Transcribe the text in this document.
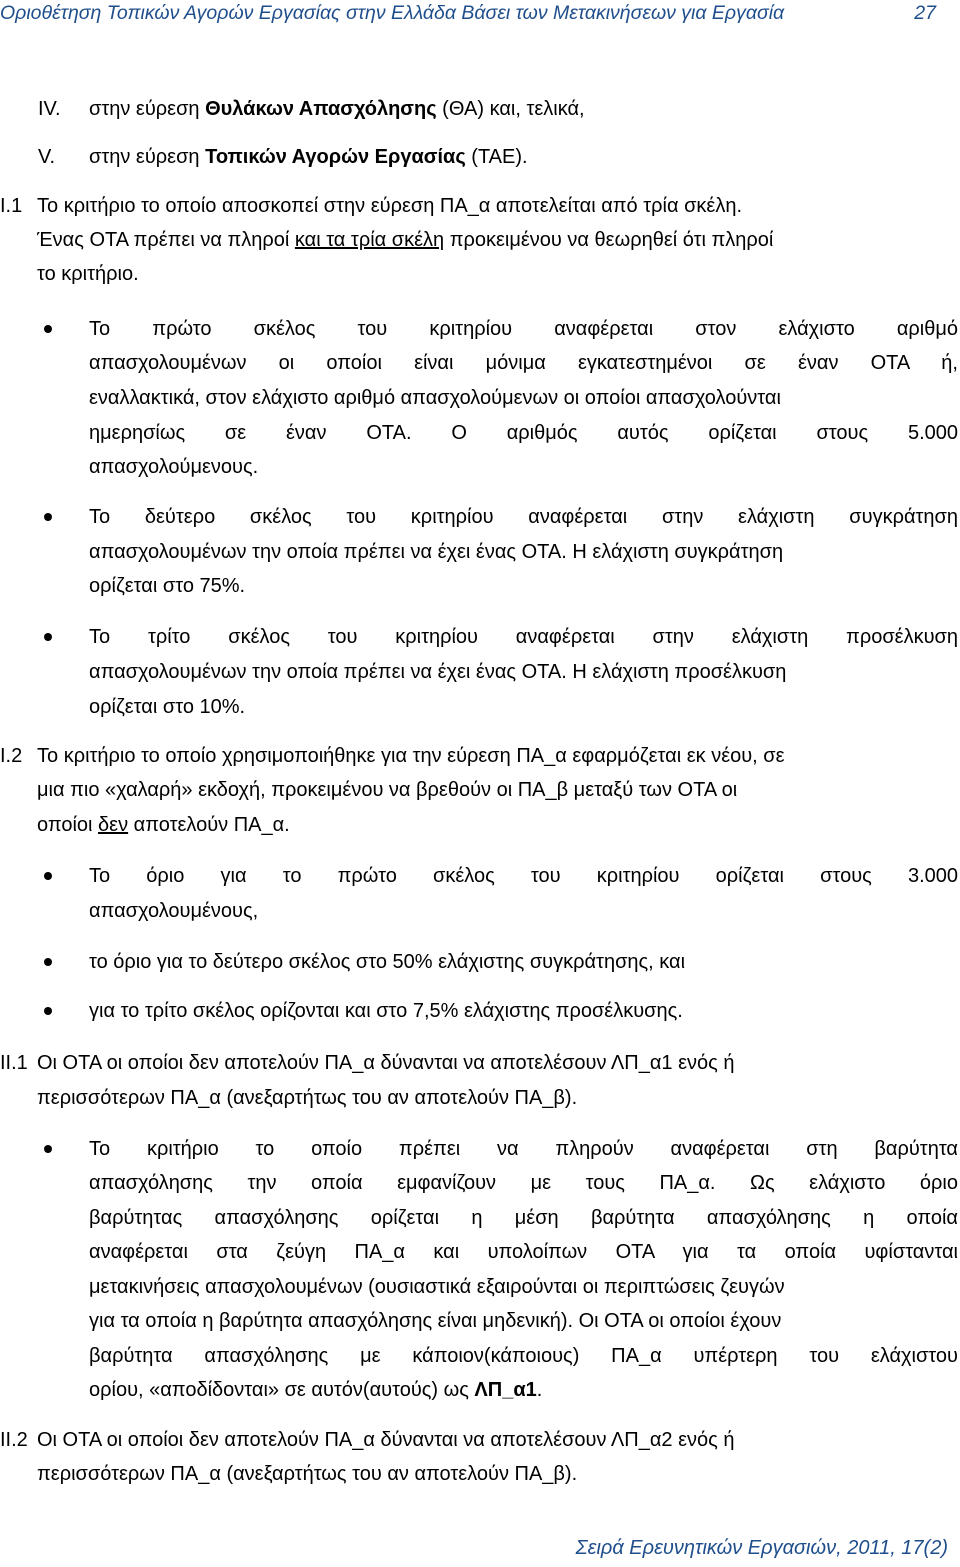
Οριοθέτηση Τοπικών Αγορών Εργασίας στην Ελλάδα Βάσει των Μετακινήσεων για Εργασία	27
IV. στην εύρεση Θυλάκων Απασχόλησης (ΘΑ) και, τελικά,
V. στην εύρεση Τοπικών Αγορών Εργασίας (ΤΑΕ).
I.1 Το κριτήριο το οποίο αποσκοπεί στην εύρεση ΠΑ_α αποτελείται από τρία σκέλη.
Ένας ΟΤΑ πρέπει να πληροί και τα τρία σκέλη προκειμένου να θεωρηθεί ότι πληροί
το κριτήριο.
Το πρώτο σκέλος του κριτηρίου αναφέρεται στον ελάχιστο αριθμό
απασχολουμένων οι οποίοι είναι μόνιμα εγκατεστημένοι σε έναν ΟΤΑ ή,
εναλλακτικά, στον ελάχιστο αριθμό απασχολούμενων οι οποίοι απασχολούνται
ημερησίως σε έναν ΟΤΑ. Ο αριθμός αυτός ορίζεται στους 5.000
απασχολούμενους.
Το δεύτερο σκέλος του κριτηρίου αναφέρεται στην ελάχιστη συγκράτηση
απασχολουμένων την οποία πρέπει να έχει ένας ΟΤΑ. Η ελάχιστη συγκράτηση
ορίζεται στο 75%.
Το τρίτο σκέλος του κριτηρίου αναφέρεται στην ελάχιστη προσέλκυση
απασχολουμένων την οποία πρέπει να έχει ένας ΟΤΑ. Η ελάχιστη προσέλκυση
ορίζεται στο 10%.
I.2 Το κριτήριο το οποίο χρησιμοποιήθηκε για την εύρεση ΠΑ_α εφαρμόζεται εκ νέου, σε
μια πιο «χαλαρή» εκδοχή, προκειμένου να βρεθούν οι ΠΑ_β μεταξύ των ΟΤΑ οι
οποίοι δεν αποτελούν ΠΑ_α.
Το όριο για το πρώτο σκέλος του κριτηρίου ορίζεται στους 3.000
απασχολουμένους,
το όριο για το δεύτερο σκέλος στο 50% ελάχιστης συγκράτησης, και
για το τρίτο σκέλος ορίζονται και στο 7,5% ελάχιστης προσέλκυσης.
II.1 Οι ΟΤΑ οι οποίοι δεν αποτελούν ΠΑ_α δύνανται να αποτελέσουν ΛΠ_α1 ενός ή
περισσότερων ΠΑ_α (ανεξαρτήτως του αν αποτελούν ΠΑ_β).
Το κριτήριο το οποίο πρέπει να πληρούν αναφέρεται στη βαρύτητα
απασχόλησης την οποία εμφανίζουν με τους ΠΑ_α. Ως ελάχιστο όριο
βαρύτητας απασχόλησης ορίζεται η μέση βαρύτητα απασχόλησης η οποία
αναφέρεται στα ζεύγη ΠΑ_α και υπολοίπων ΟΤΑ για τα οποία υφίστανται
μετακινήσεις απασχολουμένων (ουσιαστικά εξαιρούνται οι περιπτώσεις ζευγών
για τα οποία η βαρύτητα απασχόλησης είναι μηδενική). Οι ΟΤΑ οι οποίοι έχουν
βαρύτητα απασχόλησης με κάποιον(κάποιους) ΠΑ_α υπέρτερη του ελάχιστου
ορίου, «αποδίδονται» σε αυτόν(αυτούς) ως ΛΠ_α1.
II.2 Οι ΟΤΑ οι οποίοι δεν αποτελούν ΠΑ_α δύνανται να αποτελέσουν ΛΠ_α2 ενός ή
περισσότερων ΠΑ_α (ανεξαρτήτως του αν αποτελούν ΠΑ_β).
Σειρά Ερευνητικών Εργασιών, 2011, 17(2)
